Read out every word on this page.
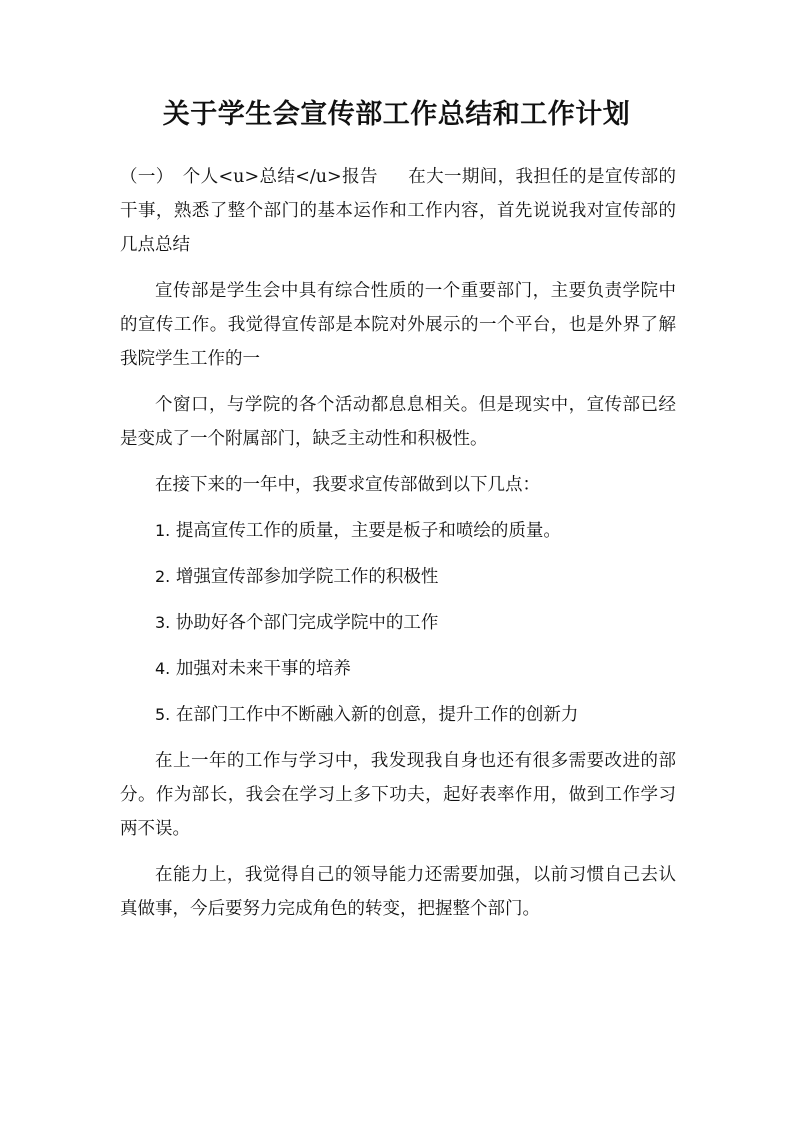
关于学生会宣传部工作总结和工作计划

（一）　个人<u>总结</u>报告 在大一期间，我担任的是宣传部的干事，熟悉了整个部门的基本运作和工作内容，首先说说我对宣传部的几点总结

宣传部是学生会中具有综合性质的一个重要部门，主要负责学院中的宣传工作。我觉得宣传部是本院对外展示的一个平台，也是外界了解我院学生工作的一

个窗口，与学院的各个活动都息息相关。但是现实中，宣传部已经是变成了一个附属部门，缺乏主动性和积极性。

在接下来的一年中，我要求宣传部做到以下几点：

1. 提高宣传工作的质量，主要是板子和喷绘的质量。

2. 增强宣传部参加学院工作的积极性

3. 协助好各个部门完成学院中的工作

4. 加强对未来干事的培养

5. 在部门工作中不断融入新的创意，提升工作的创新力

在上一年的工作与学习中，我发现我自身也还有很多需要改进的部分。作为部长，我会在学习上多下功夫，起好表率作用，做到工作学习两不误。

在能力上，我觉得自己的领导能力还需要加强，以前习惯自己去认真做事，今后要努力完成角色的转变，把握整个部门。
